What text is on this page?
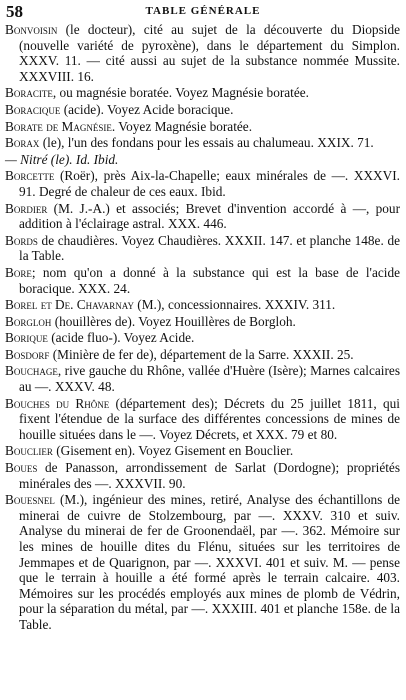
58	TABLE GÉNÉRALE
Bonvoisin (le docteur), cité au sujet de la découverte du Diopside (nouvelle variété de pyroxène), dans le département du Simplon. XXXV. 11. — cité aussi au sujet de la substance nommée Mussite. XXXVIII. 16.
Boracite, ou magnésie boratée. Voyez Magnésie boratée.
Boracique (acide). Voyez Acide boracique.
Borate de Magnésie. Voyez Magnésie boratée.
Borax (le), l'un des fondans pour les essais au chalumeau. XXIX. 71.
— Nitré (le). Id. Ibid.
Borcette (Roër), près Aix-la-Chapelle; eaux minérales de —. XXXVI. 91. Degré de chaleur de ces eaux. Ibid.
Bordier (M. J.-A.) et associés; Brevet d'invention accordé à —, pour addition à l'éclairage astral. XXX. 446.
Bords de chaudières. Voyez Chaudières. XXXII. 147. et planche 148e. de la Table.
Bore; nom qu'on a donné à la substance qui est la base de l'acide boracique. XXX. 24.
Borel et De. Chavarnay (M.), concessionnaires. XXXIV. 311.
Borgloh (houillères de). Voyez Houillères de Borgloh.
Borique (acide fluo-). Voyez Acide.
Bosdorf (Minière de fer de), département de la Sarre. XXXII. 25.
Bouchage, rive gauche du Rhône, vallée d'Huère (Isère); Marnes calcaires au —. XXXV. 48.
Bouches du Rhône (département des); Décrets du 25 juillet 1811, qui fixent l'étendue de la surface des différentes concessions de mines de houille situées dans le —. Voyez Décrets, et XXX. 79 et 80.
Bouclier (Gisement en). Voyez Gisement en Bouclier.
Boues de Panasson, arrondissement de Sarlat (Dordogne); propriétés minérales des —. XXXVII. 90.
Bouesnel (M.), ingénieur des mines, retiré, Analyse des échantillons de minerai de cuivre de Stolzembourg, par —. XXXV. 310 et suiv. Analyse du minerai de fer de Groonendaël, par —. 362. Mémoire sur les mines de houille dites du Flénu, situées sur les territoires de Jemmapes et de Quarignon, par —. XXXVI. 401 et suiv. M. — pense que le terrain à houille a été formé après le terrain calcaire. 403. Mémoires sur les procédés employés aux mines de plomb de Védrin, pour la séparation du métal, par —. XXXIII. 401 et planche 158e. de la Table.
